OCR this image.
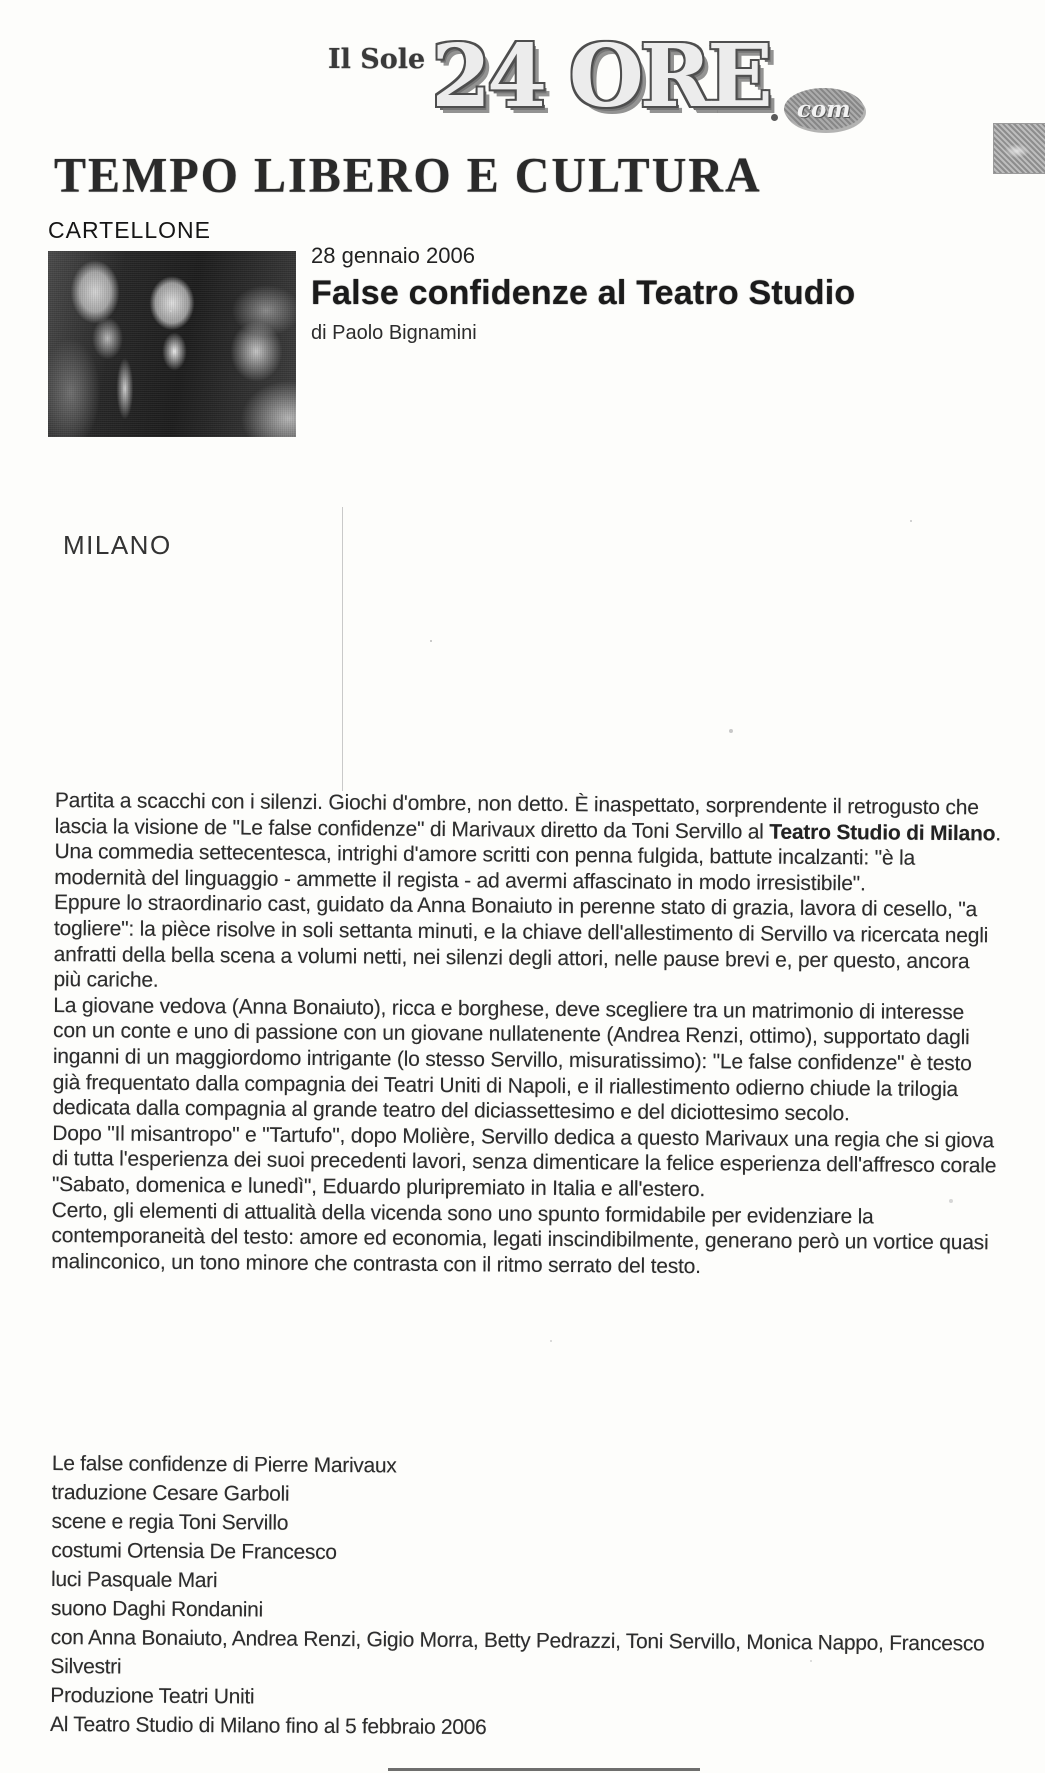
Il Sole 24 ORE com
TEMPO LIBERO E CULTURA
CARTELLONE
28 gennaio 2006
False confidenze al Teatro Studio
di Paolo Bignamini
MILANO

Partita a scacchi con i silenzi. Giochi d'ombre, non detto. È inaspettato, sorprendente il retrogusto che lascia la visione de "Le false confidenze" di Marivaux diretto da Toni Servillo al Teatro Studio di Milano.

Una commedia settecentesca, intrighi d'amore scritti con penna fulgida, battute incalzanti: "è la modernità del linguaggio - ammette il regista - ad avermi affascinato in modo irresistibile".

Eppure lo straordinario cast, guidato da Anna Bonaiuto in perenne stato di grazia, lavora di cesello, "a togliere": la pièce risolve in soli settanta minuti, e la chiave dell'allestimento di Servillo va ricercata negli anfratti della bella scena a volumi netti, nei silenzi degli attori, nelle pause brevi e, per questo, ancora più cariche.

La giovane vedova (Anna Bonaiuto), ricca e borghese, deve scegliere tra un matrimonio di interesse con un conte e uno di passione con un giovane nullatenente (Andrea Renzi, ottimo), supportato dagli inganni di un maggiordomo intrigante (lo stesso Servillo, misuratissimo): "Le false confidenze" è testo già frequentato dalla compagnia dei Teatri Uniti di Napoli, e il riallestimento odierno chiude la trilogia dedicata dalla compagnia al grande teatro del diciassettesimo e del diciottesimo secolo.

Dopo "Il misantropo" e "Tartufo", dopo Molière, Servillo dedica a questo Marivaux una regia che si giova di tutta l'esperienza dei suoi precedenti lavori, senza dimenticare la felice esperienza dell'affresco corale "Sabato, domenica e lunedì", Eduardo pluripremiato in Italia e all'estero.

Certo, gli elementi di attualità della vicenda sono uno spunto formidabile per evidenziare la contemporaneità del testo: amore ed economia, legati inscindibilmente, generano però un vortice quasi malinconico, un tono minore che contrasta con il ritmo serrato del testo.

Le false confidenze di Pierre Marivaux

traduzione Cesare Garboli

scene e regia Toni Servillo

costumi Ortensia De Francesco

luci Pasquale Mari

suono Daghi Rondanini

con Anna Bonaiuto, Andrea Renzi, Gigio Morra, Betty Pedrazzi, Toni Servillo, Monica Nappo, Francesco Silvestri

Produzione Teatri Uniti

Al Teatro Studio di Milano fino al 5 febbraio 2006
